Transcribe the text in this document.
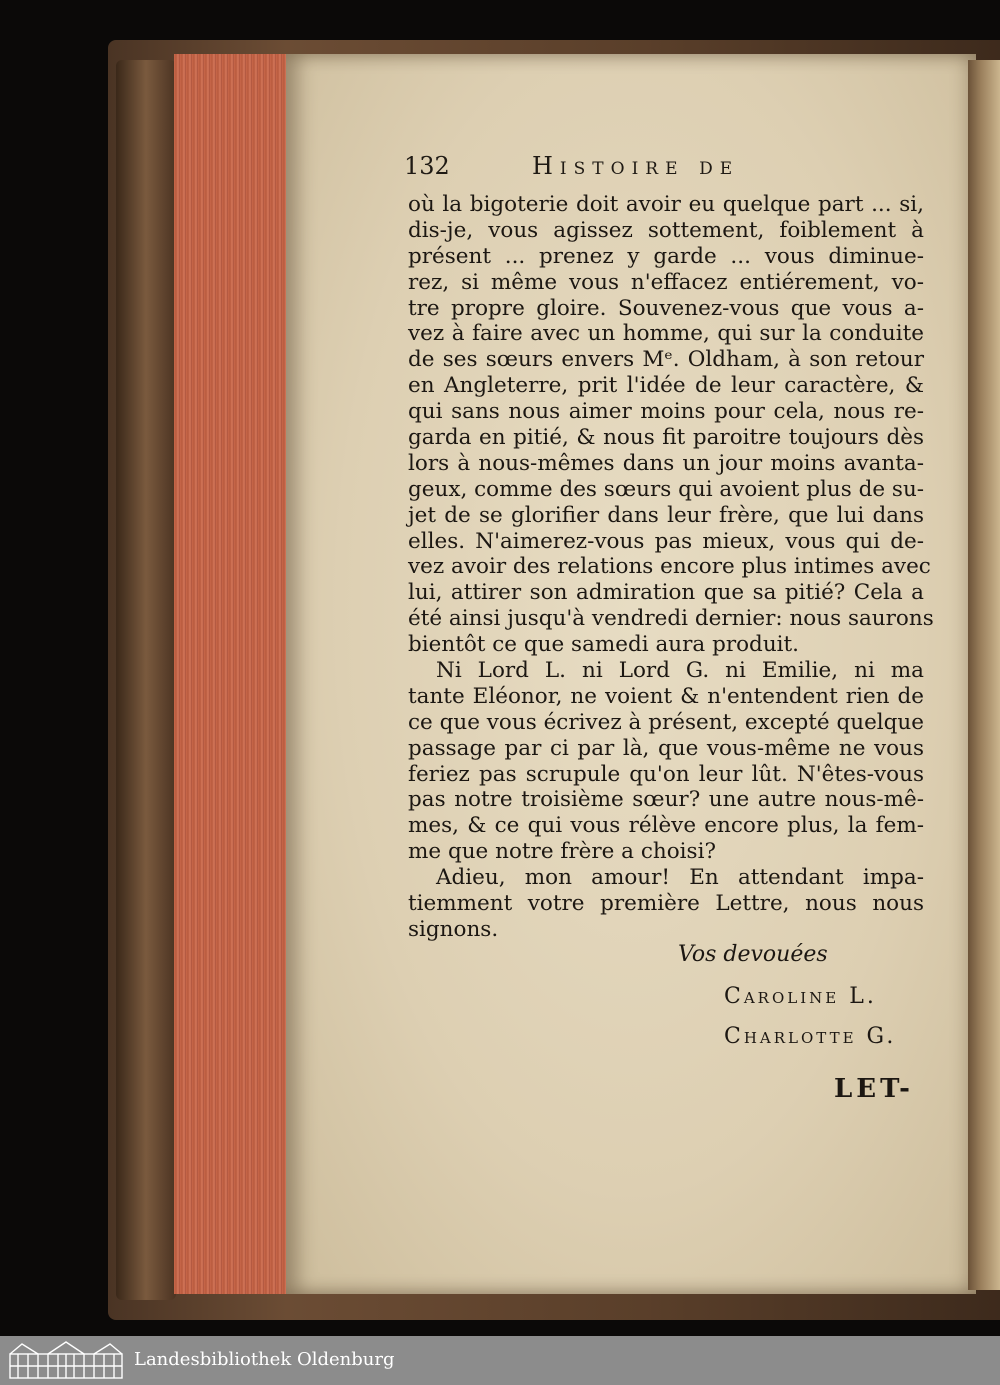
132	Histoire de
où la bigoterie doit avoir eu quelque part ... si,
dis-je, vous agissez sottement, foiblement à
présent ... prenez y garde ... vous diminue-
rez, si même vous n'effacez entiérement, vo-
tre propre gloire. Souvenez-vous que vous a-
vez à faire avec un homme, qui sur la conduite
de ses sœurs envers Mᵉ. Oldham, à son retour
en Angleterre, prit l'idée de leur caractère, &
qui sans nous aimer moins pour cela, nous re-
garda en pitié, & nous fit paroitre toujours dès
lors à nous-mêmes dans un jour moins avanta-
geux, comme des sœurs qui avoient plus de su-
jet de se glorifier dans leur frère, que lui dans
elles. N'aimerez-vous pas mieux, vous qui de-
vez avoir des relations encore plus intimes avec
lui, attirer son admiration que sa pitié? Cela a
été ainsi jusqu'à vendredi dernier: nous saurons
bientôt ce que samedi aura produit.
Ni Lord L. ni Lord G. ni Emilie, ni ma
tante Eléonor, ne voient & n'entendent rien de
ce que vous écrivez à présent, excepté quelque
passage par ci par là, que vous-même ne vous
feriez pas scrupule qu'on leur lût. N'êtes-vous
pas notre troisième sœur? une autre nous-mê-
mes, & ce qui vous rélève encore plus, la fem-
me que notre frère a choisi?
Adieu, mon amour! En attendant impa-
tiemment votre première Lettre, nous nous
signons.
Vos devouées
Caroline L.
Charlotte G.
LET-
Landesbibliothek Oldenburg
